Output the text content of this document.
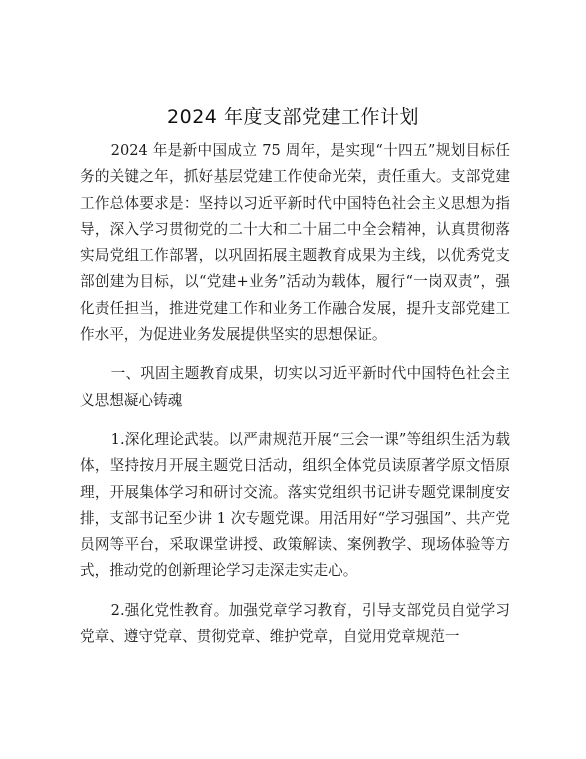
2024 年度支部党建工作计划

2024 年是新中国成立 75 周年，是实现“十四五”规划目标任务的关键之年，抓好基层党建工作使命光荣，责任重大。支部党建工作总体要求是：坚持以习近平新时代中国特色社会主义思想为指导，深入学习贯彻党的二十大和二十届二中全会精神，认真贯彻落实局党组工作部署，以巩固拓展主题教育成果为主线，以优秀党支部创建为目标，以“党建+业务”活动为载体，履行“一岗双责”，强化责任担当，推进党建工作和业务工作融合发展，提升支部党建工作水平，为促进业务发展提供坚实的思想保证。

一、巩固主题教育成果，切实以习近平新时代中国特色社会主义思想凝心铸魂

1.深化理论武装。以严肃规范开展“三会一课”等组织生活为载体，坚持按月开展主题党日活动，组织全体党员读原著学原文悟原理，开展集体学习和研讨交流。落实党组织书记讲专题党课制度安排，支部书记至少讲 1 次专题党课。用活用好“学习强国”、共产党员网等平台，采取课堂讲授、政策解读、案例教学、现场体验等方式，推动党的创新理论学习走深走实走心。

2.强化党性教育。加强党章学习教育，引导支部党员自觉学习党章、遵守党章、贯彻党章、维护党章，自觉用党章规范一
